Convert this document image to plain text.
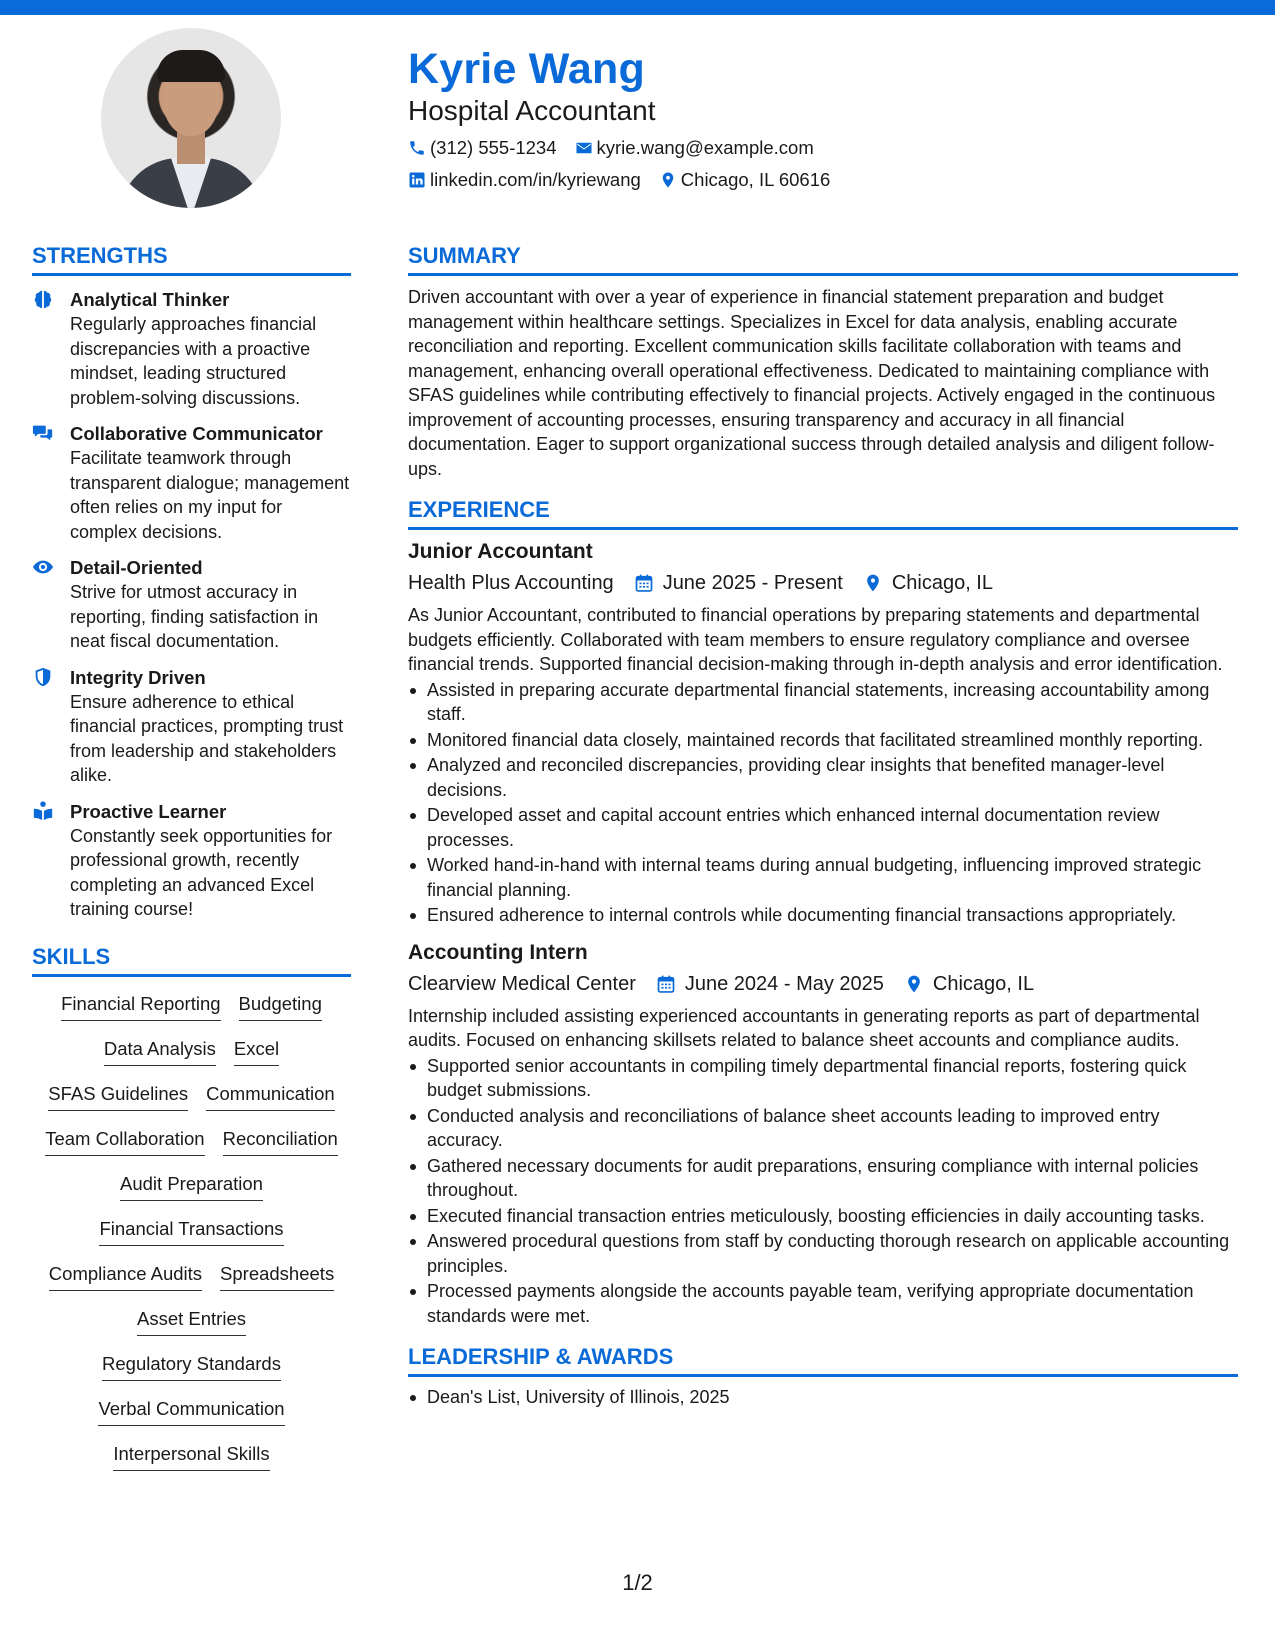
Kyrie Wang
Hospital Accountant
(312) 555-1234 kyrie.wang@example.com
linkedin.com/in/kyriewang Chicago, IL 60616
STRENGTHS
Analytical Thinker
Regularly approaches financial discrepancies with a proactive mindset, leading structured problem-solving discussions.
Collaborative Communicator
Facilitate teamwork through transparent dialogue; management often relies on my input for complex decisions.
Detail-Oriented
Strive for utmost accuracy in reporting, finding satisfaction in neat fiscal documentation.
Integrity Driven
Ensure adherence to ethical financial practices, prompting trust from leadership and stakeholders alike.
Proactive Learner
Constantly seek opportunities for professional growth, recently completing an advanced Excel training course!
SKILLS
Financial Reporting Budgeting
Data Analysis Excel
SFAS Guidelines Communication
Team Collaboration Reconciliation
Audit Preparation
Financial Transactions
Compliance Audits Spreadsheets
Asset Entries
Regulatory Standards
Verbal Communication
Interpersonal Skills
SUMMARY
Driven accountant with over a year of experience in financial statement preparation and budget management within healthcare settings. Specializes in Excel for data analysis, enabling accurate reconciliation and reporting. Excellent communication skills facilitate collaboration with teams and management, enhancing overall operational effectiveness. Dedicated to maintaining compliance with SFAS guidelines while contributing effectively to financial projects. Actively engaged in the continuous improvement of accounting processes, ensuring transparency and accuracy in all financial documentation. Eager to support organizational success through detailed analysis and diligent follow-ups.
EXPERIENCE
Junior Accountant
Health Plus Accounting June 2025 - Present Chicago, IL
As Junior Accountant, contributed to financial operations by preparing statements and departmental budgets efficiently. Collaborated with team members to ensure regulatory compliance and oversee financial trends. Supported financial decision-making through in-depth analysis and error identification.
Assisted in preparing accurate departmental financial statements, increasing accountability among staff.
Monitored financial data closely, maintained records that facilitated streamlined monthly reporting.
Analyzed and reconciled discrepancies, providing clear insights that benefited manager-level decisions.
Developed asset and capital account entries which enhanced internal documentation review processes.
Worked hand-in-hand with internal teams during annual budgeting, influencing improved strategic financial planning.
Ensured adherence to internal controls while documenting financial transactions appropriately.
Accounting Intern
Clearview Medical Center June 2024 - May 2025 Chicago, IL
Internship included assisting experienced accountants in generating reports as part of departmental audits. Focused on enhancing skillsets related to balance sheet accounts and compliance audits.
Supported senior accountants in compiling timely departmental financial reports, fostering quick budget submissions.
Conducted analysis and reconciliations of balance sheet accounts leading to improved entry accuracy.
Gathered necessary documents for audit preparations, ensuring compliance with internal policies throughout.
Executed financial transaction entries meticulously, boosting efficiencies in daily accounting tasks.
Answered procedural questions from staff by conducting thorough research on applicable accounting principles.
Processed payments alongside the accounts payable team, verifying appropriate documentation standards were met.
LEADERSHIP & AWARDS
Dean's List, University of Illinois, 2025
1/2
